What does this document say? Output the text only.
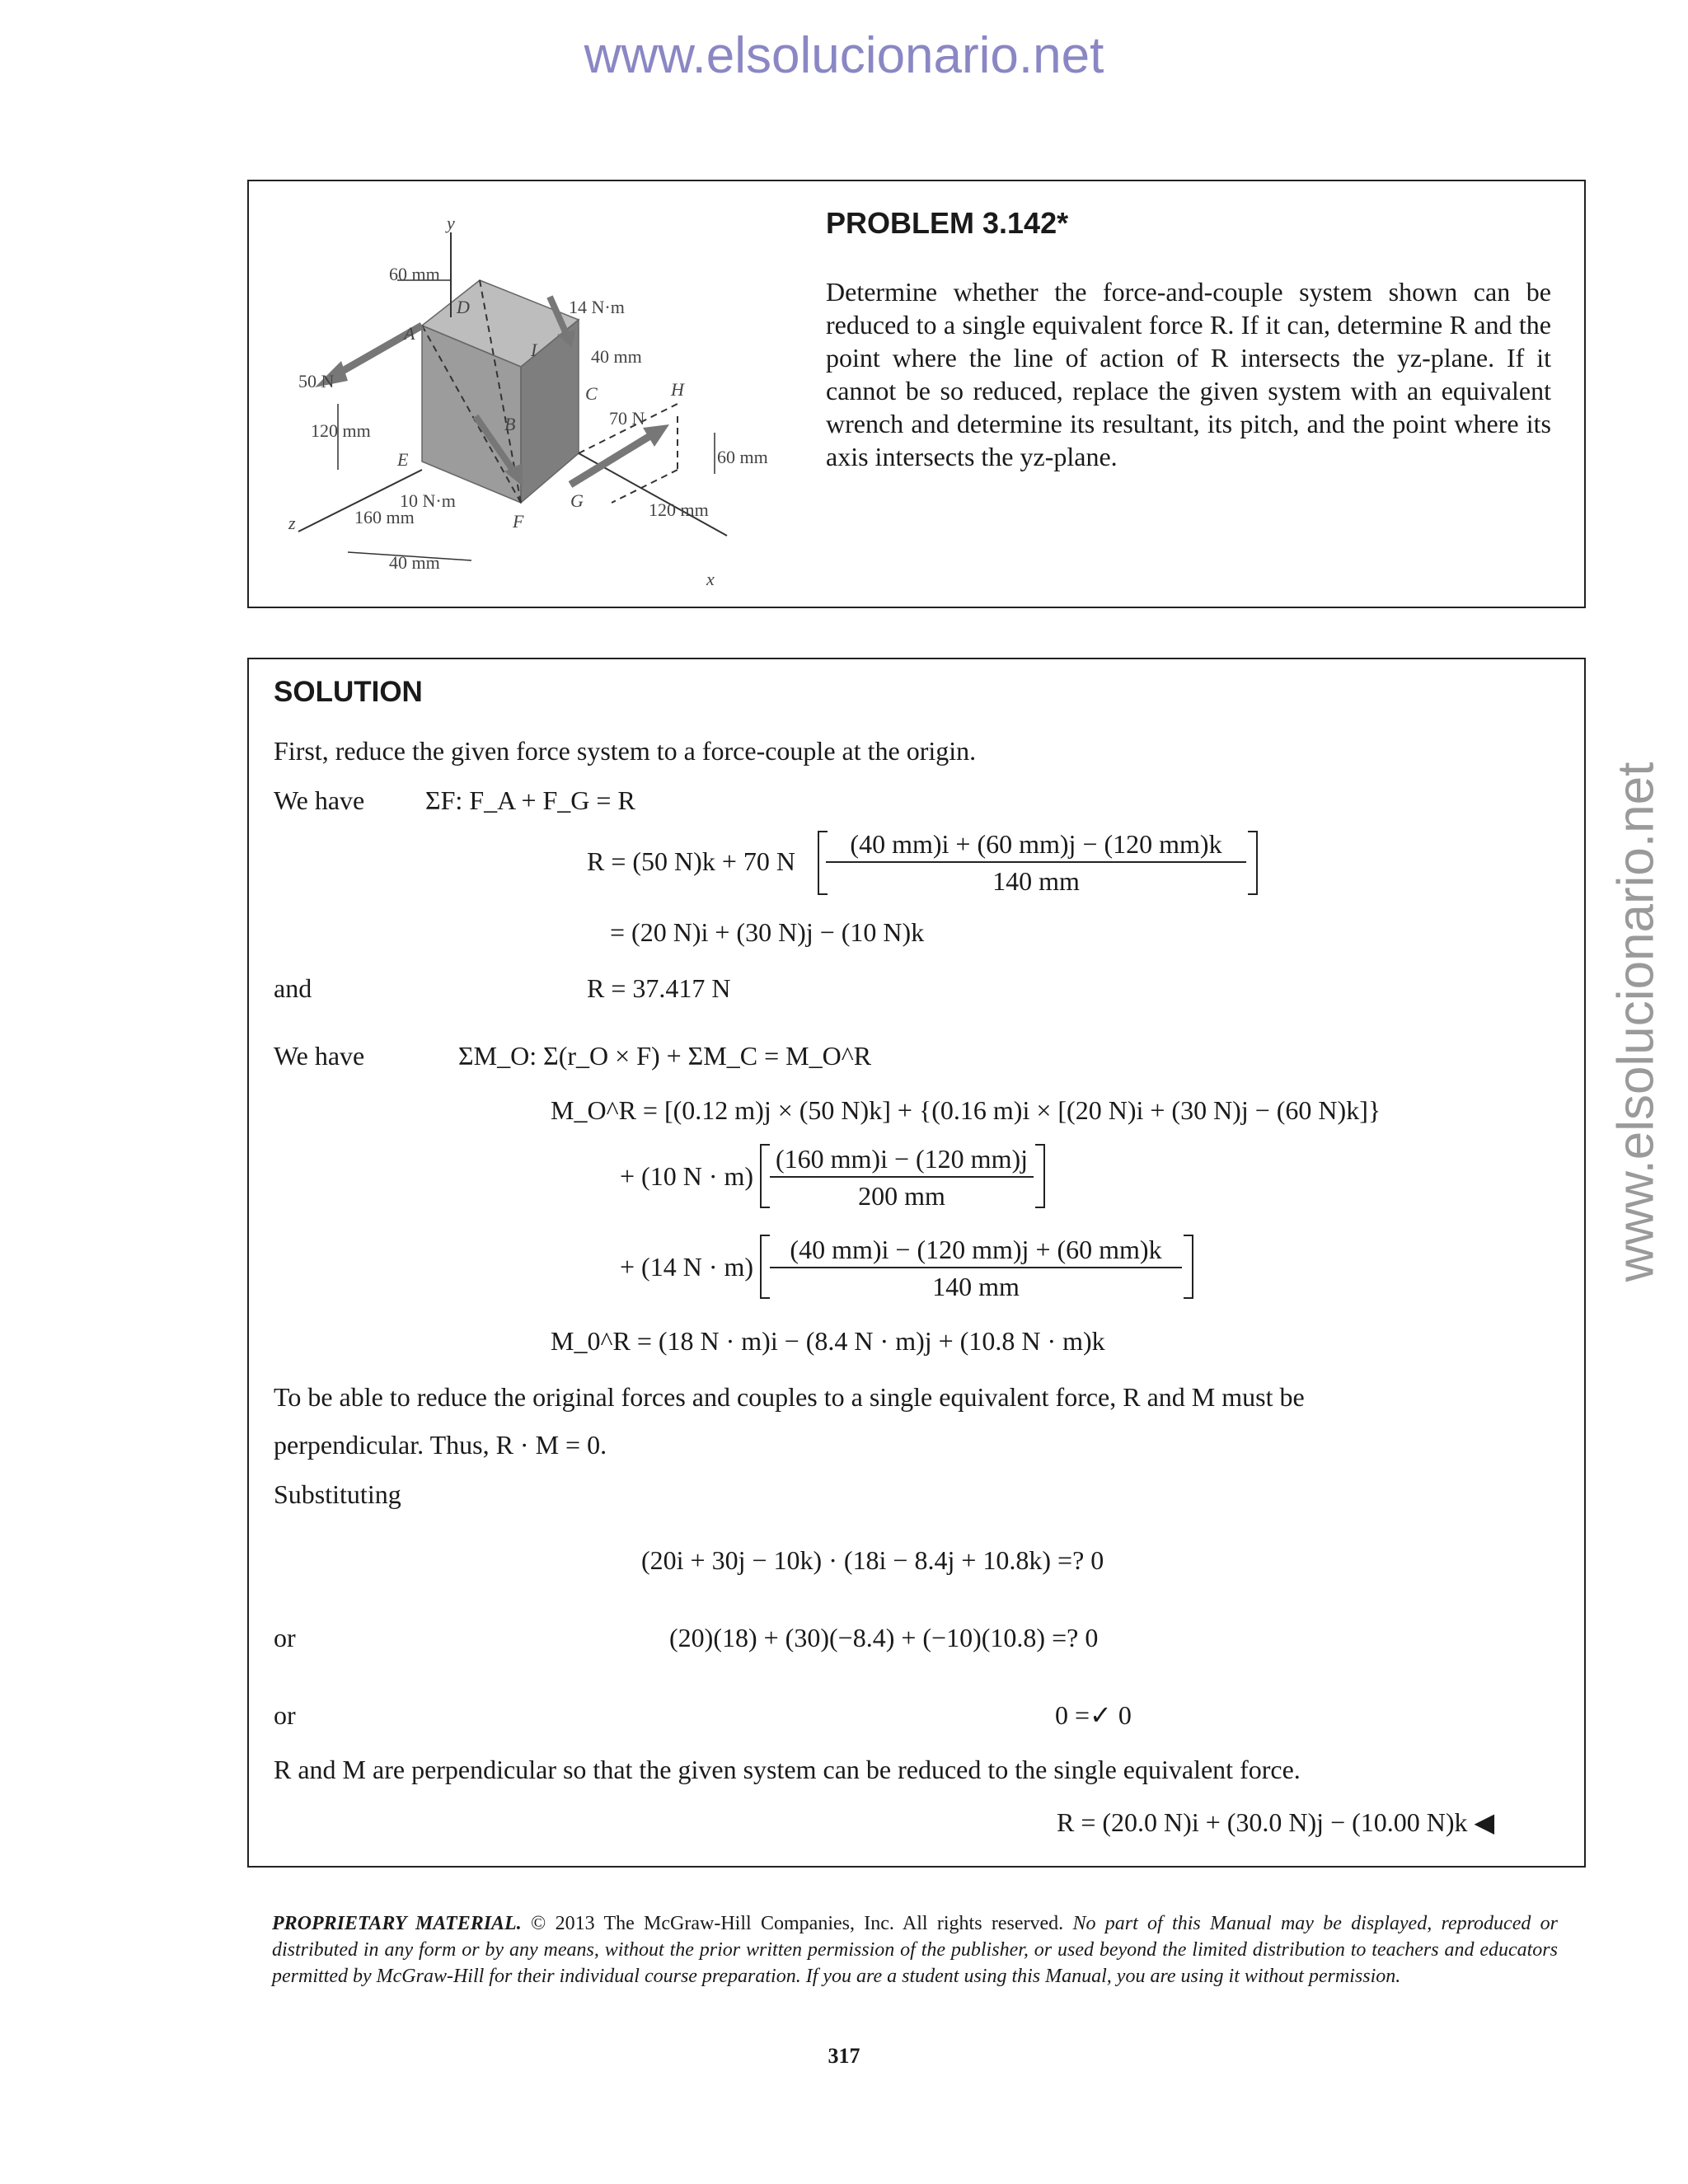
www.elsolucionario.net
www.elsolucionario.net
y
60 mm
14 N·m
40 mm
50 N
70 N
120 mm
60 mm
10 N·m
160 mm	120 mm
40 mm
x
z
A
B
C
D
E
F
G
H
I
PROBLEM 3.142*
Determine whether the force-and-couple system shown can be reduced to a single equivalent force R. If it can, determine R and the point where the line of action of R intersects the yz-plane. If it cannot be so reduced, replace the given system with an equivalent wrench and determine its resultant, its pitch, and the point where its axis intersects the yz-plane.
SOLUTION
First, reduce the given force system to a force-couple at the origin.
We have ΣF: F_A + F_G = R
R = (50 N)k + 70 N $\frac{(40 mm)i + (60 mm)j - (120 mm)k}{140 mm}$
= (20 N)i + (30 N)j − (10 N)k
and	R = 37.417 N
We have	ΣM_O: Σ(r_O × F) + ΣM_C = M_O^R
M_O^R = [(0.12 m)j × (50 N)k] + {(0.16 m)i × [(20 N)i + (30 N)j − (60 N)k]}
+ (10 $N \cdot m) \frac{(160 mm)i - (120 mm)j}{200 mm}$
+ (14 $N \cdot m) \frac{(40 mm)i - (120 mm)j + (60 mm)k}{140 mm}$
M_0^R = (18 N · m)i − (8.4 N · m)j + (10.8 N · m)k
To be able to reduce the original forces and couples to a single equivalent force, R and M must be
perpendicular. Thus, R · M = 0.
Substituting
(20i + 30j − 10k) · (18i − 8.4j + 10.8k) =? 0
or	(20)(18) + (30)(−8.4) + (−10)(10.8) =? 0
or	0 =✓ 0
R and M are perpendicular so that the given system can be reduced to the single equivalent force.
R = (20.0 N)i + (30.0 N)j − (10.00 N)k ◀
PROPRIETARY MATERIAL. © 2013 The McGraw-Hill Companies, Inc. All rights reserved. No part of this Manual may be displayed, reproduced or distributed in any form or by any means, without the prior written permission of the publisher, or used beyond the limited distribution to teachers and educators permitted by McGraw-Hill for their individual course preparation. If you are a student using this Manual, you are using it without permission.
317
